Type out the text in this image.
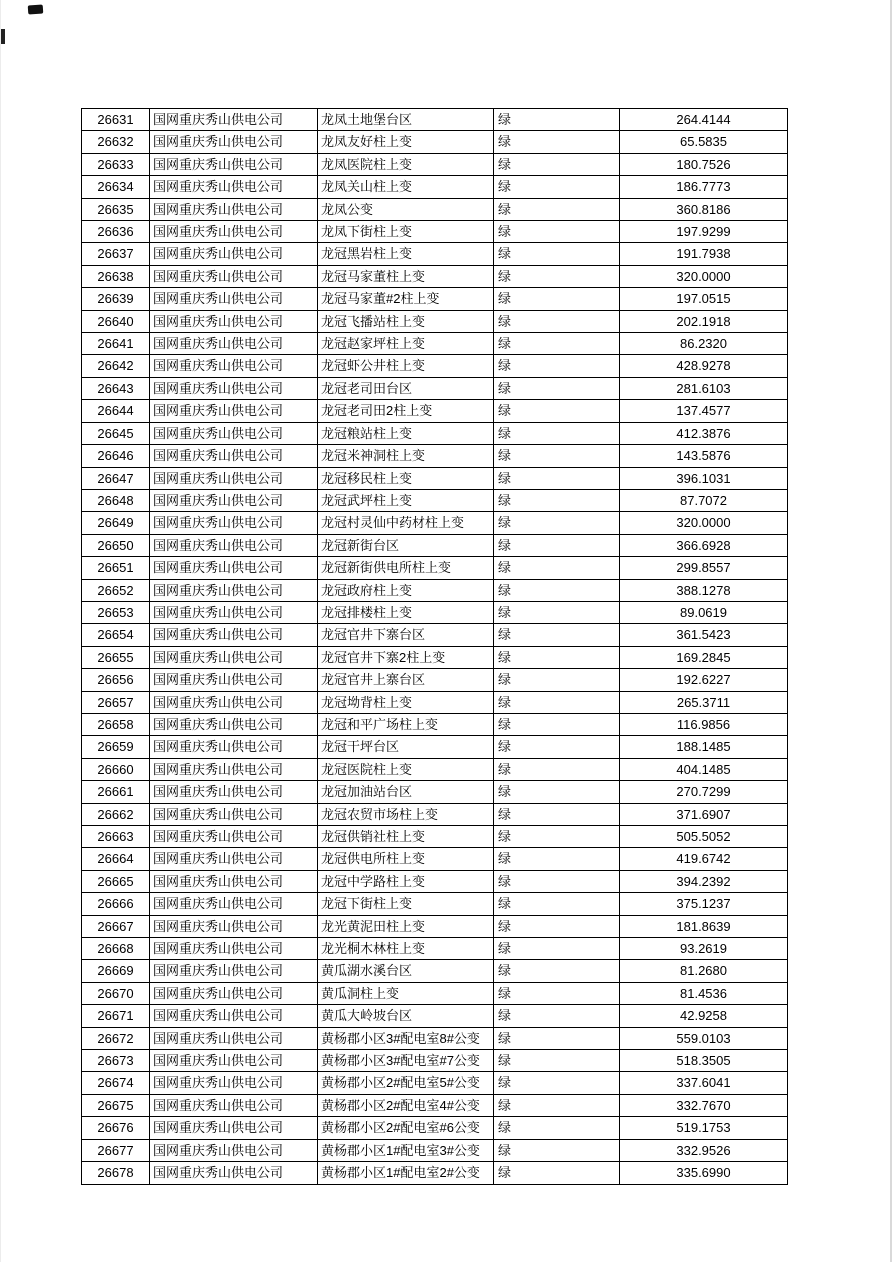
26631	国网重庆秀山供电公司	龙凤土地堡台区	绿	264.4144
26632	国网重庆秀山供电公司	龙凤友好柱上变	绿	65.5835
26633	国网重庆秀山供电公司	龙凤医院柱上变	绿	180.7526
26634	国网重庆秀山供电公司	龙凤关山柱上变	绿	186.7773
26635	国网重庆秀山供电公司	龙凤公变	绿	360.8186
26636	国网重庆秀山供电公司	龙凤下街柱上变	绿	197.9299
26637	国网重庆秀山供电公司	龙冠黑岩柱上变	绿	191.7938
26638	国网重庆秀山供电公司	龙冠马家董柱上变	绿	320.0000
26639	国网重庆秀山供电公司	龙冠马家董#2柱上变	绿	197.0515
26640	国网重庆秀山供电公司	龙冠飞播站柱上变	绿	202.1918
26641	国网重庆秀山供电公司	龙冠赵家坪柱上变	绿	86.2320
26642	国网重庆秀山供电公司	龙冠虾公井柱上变	绿	428.9278
26643	国网重庆秀山供电公司	龙冠老司田台区	绿	281.6103
26644	国网重庆秀山供电公司	龙冠老司田2柱上变	绿	137.4577
26645	国网重庆秀山供电公司	龙冠粮站柱上变	绿	412.3876
26646	国网重庆秀山供电公司	龙冠米神洞柱上变	绿	143.5876
26647	国网重庆秀山供电公司	龙冠移民柱上变	绿	396.1031
26648	国网重庆秀山供电公司	龙冠武坪柱上变	绿	87.7072
26649	国网重庆秀山供电公司	龙冠村灵仙中药材柱上变	绿	320.0000
26650	国网重庆秀山供电公司	龙冠新街台区	绿	366.6928
26651	国网重庆秀山供电公司	龙冠新街供电所柱上变	绿	299.8557
26652	国网重庆秀山供电公司	龙冠政府柱上变	绿	388.1278
26653	国网重庆秀山供电公司	龙冠排楼柱上变	绿	89.0619
26654	国网重庆秀山供电公司	龙冠官井下寨台区	绿	361.5423
26655	国网重庆秀山供电公司	龙冠官井下寨2柱上变	绿	169.2845
26656	国网重庆秀山供电公司	龙冠官井上寨台区	绿	192.6227
26657	国网重庆秀山供电公司	龙冠坳背柱上变	绿	265.3711
26658	国网重庆秀山供电公司	龙冠和平广场柱上变	绿	116.9856
26659	国网重庆秀山供电公司	龙冠干坪台区	绿	188.1485
26660	国网重庆秀山供电公司	龙冠医院柱上变	绿	404.1485
26661	国网重庆秀山供电公司	龙冠加油站台区	绿	270.7299
26662	国网重庆秀山供电公司	龙冠农贸市场柱上变	绿	371.6907
26663	国网重庆秀山供电公司	龙冠供销社柱上变	绿	505.5052
26664	国网重庆秀山供电公司	龙冠供电所柱上变	绿	419.6742
26665	国网重庆秀山供电公司	龙冠中学路柱上变	绿	394.2392
26666	国网重庆秀山供电公司	龙冠下街柱上变	绿	375.1237
26667	国网重庆秀山供电公司	龙光黄泥田柱上变	绿	181.8639
26668	国网重庆秀山供电公司	龙光桐木林柱上变	绿	93.2619
26669	国网重庆秀山供电公司	黄瓜湖水溪台区	绿	81.2680
26670	国网重庆秀山供电公司	黄瓜洞柱上变	绿	81.4536
26671	国网重庆秀山供电公司	黄瓜大岭坡台区	绿	42.9258
26672	国网重庆秀山供电公司	黄杨郡小区3#配电室8#公变	绿	559.0103
26673	国网重庆秀山供电公司	黄杨郡小区3#配电室#7公变	绿	518.3505
26674	国网重庆秀山供电公司	黄杨郡小区2#配电室5#公变	绿	337.6041
26675	国网重庆秀山供电公司	黄杨郡小区2#配电室4#公变	绿	332.7670
26676	国网重庆秀山供电公司	黄杨郡小区2#配电室#6公变	绿	519.1753
26677	国网重庆秀山供电公司	黄杨郡小区1#配电室3#公变	绿	332.9526
26678	国网重庆秀山供电公司	黄杨郡小区1#配电室2#公变	绿	335.6990
